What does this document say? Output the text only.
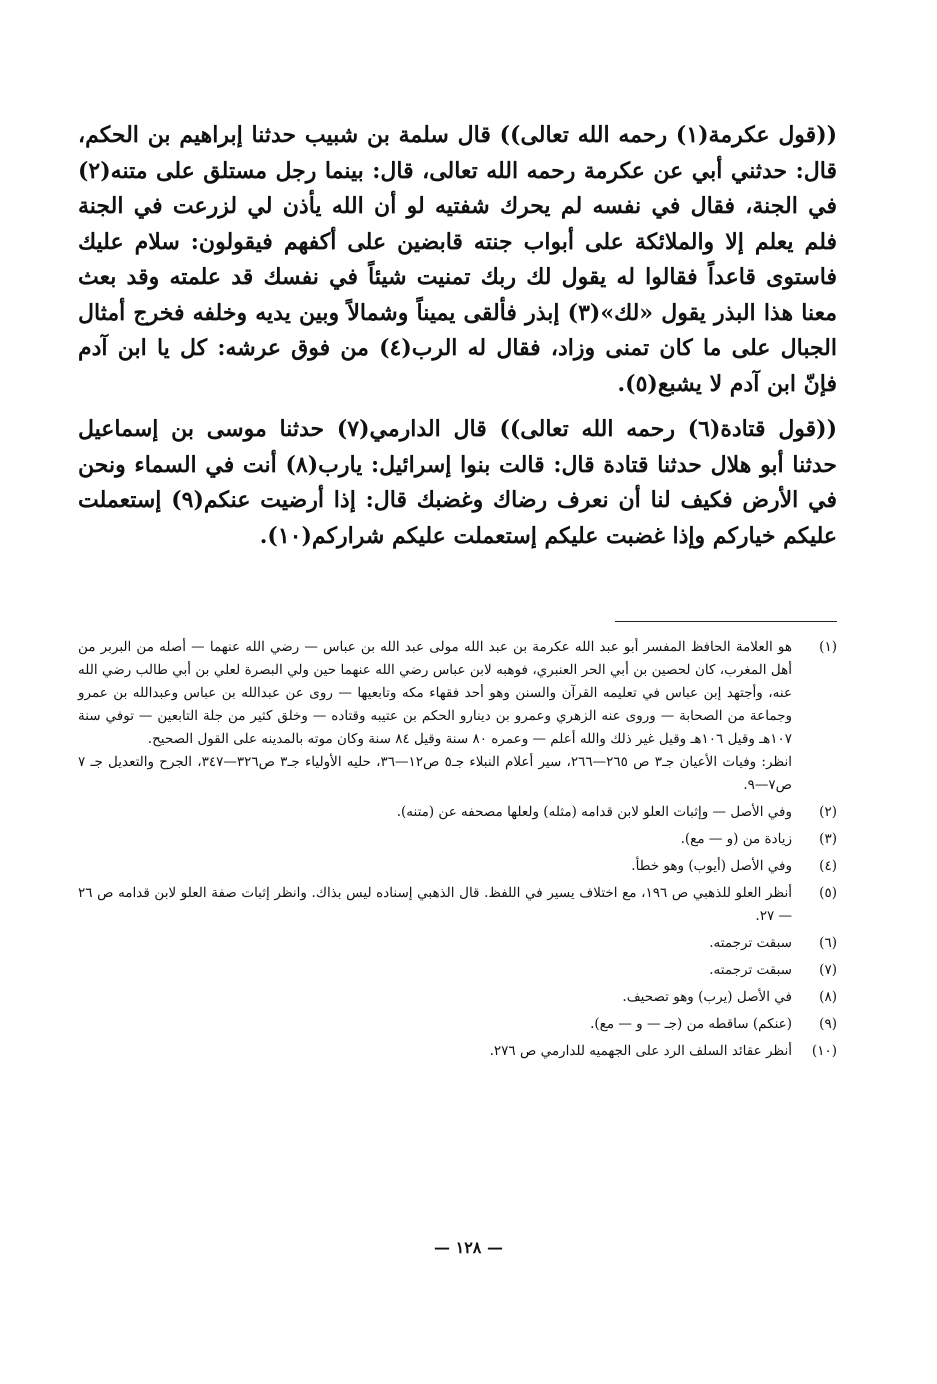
((قول عكرمة(١) رحمه الله تعالى)) قال سلمة بن شبيب حدثنا إبراهيم بن الحكم، قال: حدثني أبي عن عكرمة رحمه الله تعالى، قال: بينما رجل مستلق على متنه(٢) في الجنة، فقال في نفسه لم يحرك شفتيه لو أن الله يأذن لي لزرعت في الجنة فلم يعلم إلا والملائكة على أبواب جنته قابضين على أكفهم فيقولون: سلام عليك فاستوى قاعداً فقالوا له يقول لك ربك تمنيت شيئاً في نفسك قد علمته وقد بعث معنا هذا البذر يقول «لك»(٣) إبذر فألقى يميناً وشمالاً وبين يديه وخلفه فخرج أمثال الجبال على ما كان تمنى وزاد، فقال له الرب(٤) من فوق عرشه: كل يا ابن آدم فإنّ ابن آدم لا يشبع(٥).

((قول قتادة(٦) رحمه الله تعالى)) قال الدارمي(٧) حدثنا موسى بن إسماعيل حدثنا أبو هلال حدثنا قتادة قال: قالت بنوا إسرائيل: يارب(٨) أنت في السماء ونحن في الأرض فكيف لنا أن نعرف رضاك وغضبك قال: إذا أرضيت عنكم(٩) إستعملت عليكم خياركم وإذا غضبت عليكم إستعملت عليكم شراركم(١٠).

(١)

هو العلامة الحافظ المفسر أبو عبد الله عكرمة بن عبد الله مولى عبد الله بن عباس — رضي الله عنهما — أصله من البربر من أهل المغرب، كان لحصين بن أبي الحر العنبري، فوهبه لابن عباس رضي الله عنهما حين ولي البصرة لعلي بن أبي طالب رضي الله عنه، وأجتهد إبن عباس في تعليمه القرآن والسنن وهو أحد فقهاء مكه وتابعيها — روى عن عبدالله بن عباس وعبدالله بن عمرو وجماعة من الصحابة — وروى عنه الزهري وعمرو بن دينارو الحكم بن عتيبه وقتاده — وخلق كثير من جلة التابعين — توفي سنة ١٠٧هـ وقيل ١٠٦هـ وقيل غير ذلك والله أعلم — وعمره ٨٠ سنة وقيل ٨٤ سنة وكان موته بالمدينه على القول الصحيح.

انظر: وفيات الأعيان جـ٣ ص ٢٦٥—٢٦٦، سير أعلام النبلاء جـ٥ ص١٢—٣٦، حليه الأولياء جـ٣ ص٣٢٦—٣٤٧، الجرح والتعديل جـ ٧ ص٧—٩.

(٢)

وفي الأصل — وإثبات العلو لابن قدامه (مثله) ولعلها مصحفه عن (متنه).

(٣)

زيادة من (و — مع).

(٤)

وفي الأصل (أيوب) وهو خطأ.

(٥)

أنظر العلو للذهبي ص ١٩٦، مع اختلاف يسير في اللفظ. قال الذهبي إسناده ليس بذاك. وانظر إثبات صفة العلو لابن قدامه ص ٢٦ — ٢٧.

(٦)

سبقت ترجمته.

(٧)

سبقت ترجمته.

(٨)

في الأصل (يرب) وهو تصحيف.

(٩)

(عنكم) ساقطه من (جـ — و — مع).

(١٠)

أنظر عقائد السلف الرد على الجهميه للدارمي ص ٢٧٦.

— ١٢٨ —
